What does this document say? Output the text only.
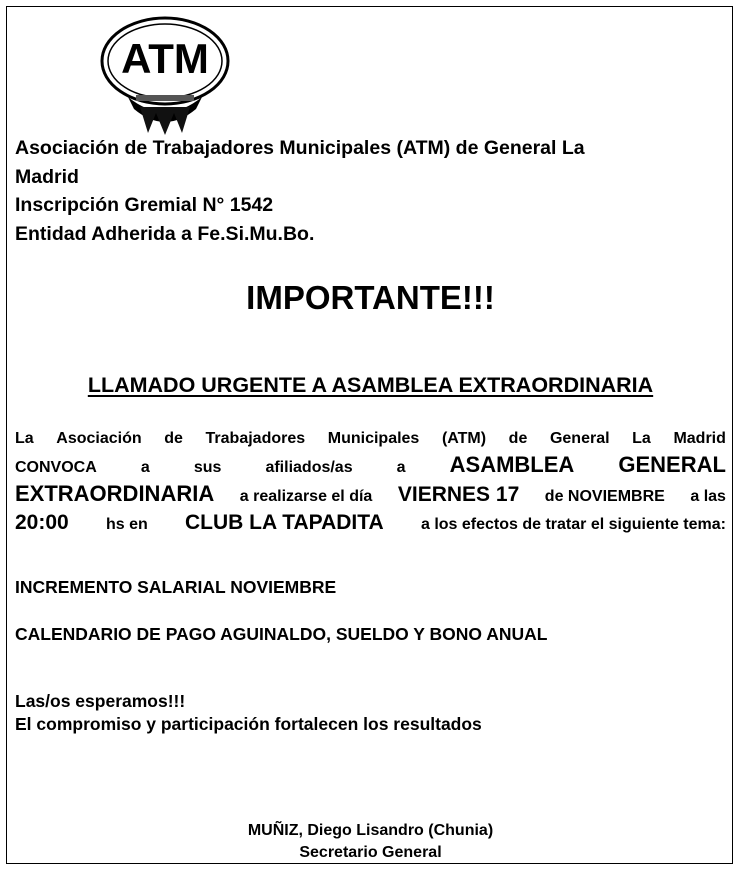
ATM
Asociación de Trabajadores Municipales (ATM) de General La
Madrid
Inscripción Gremial N° 1542
Entidad Adherida a Fe.Si.Mu.Bo.
IMPORTANTE!!!
LLAMADO URGENTE A ASAMBLEA EXTRAORDINARIA
La Asociación de Trabajadores Municipales (ATM) de General La Madrid
CONVOCA	a	sus	afiliados/as	a ASAMBLEA GENERAL
EXTRAORDINARIA a realizarse el día VIERNES 17 de NOVIEMBRE a las
20:00 hs en CLUB LA TAPADITA a los efectos de tratar el siguiente tema:
INCREMENTO SALARIAL NOVIEMBRE
CALENDARIO DE PAGO AGUINALDO, SUELDO Y BONO ANUAL
Las/os esperamos!!!
El compromiso y participación fortalecen los resultados
MUÑIZ, Diego Lisandro (Chunia)
Secretario General
